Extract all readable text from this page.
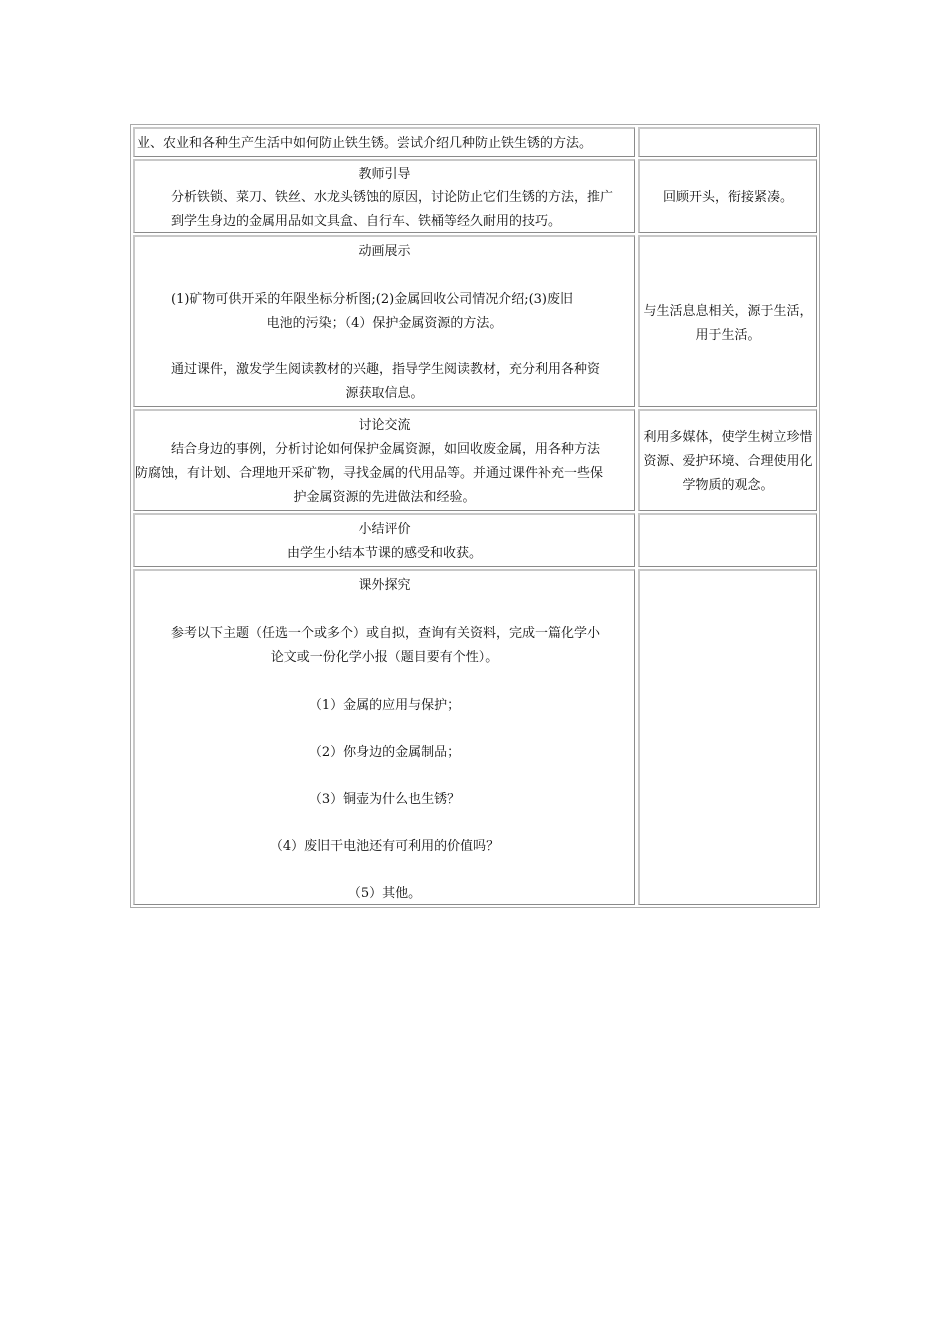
业、农业和各种生产生活中如何防止铁生锈。尝试介绍几种防止铁生锈的方法。

教师引导

分析铁锁、菜刀、铁丝、水龙头锈蚀的原因，讨论防止它们生锈的方法，推广

到学生身边的金属用品如文具盒、自行车、铁桶等经久耐用的技巧。

回顾开头，衔接紧凑。

动画展示

(1)矿物可供开采的年限坐标分析图;(2)金属回收公司情况介绍;(3)废旧

电池的污染；（4）保护金属资源的方法。

通过课件，激发学生阅读教材的兴趣，指导学生阅读教材，充分利用各种资

源获取信息。

与生活息息相关，源于生活，

用于生活。

讨论交流

结合身边的事例，分析讨论如何保护金属资源，如回收废金属，用各种方法

防腐蚀，有计划、合理地开采矿物，寻找金属的代用品等。并通过课件补充一些保

护金属资源的先进做法和经验。

利用多媒体，使学生树立珍惜

资源、爱护环境、合理使用化

学物质的观念。

小结评价

由学生小结本节课的感受和收获。

课外探究

参考以下主题（任选一个或多个）或自拟，查询有关资料，完成一篇化学小

论文或一份化学小报（题目要有个性）。

（1）金属的应用与保护；

（2）你身边的金属制品；

（3）铜壶为什么也生锈？

（4）废旧干电池还有可利用的价值吗？

（5）其他。
